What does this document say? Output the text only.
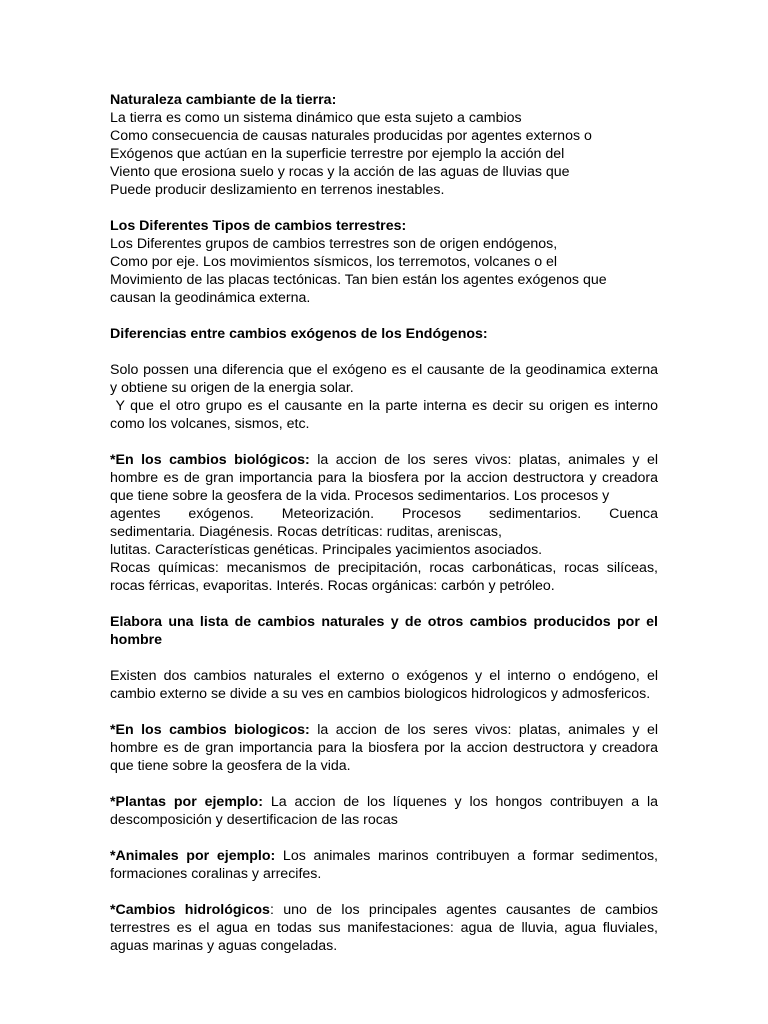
Naturaleza cambiante de la tierra:
La tierra es como un sistema dinámico que esta sujeto a cambios
Como consecuencia de causas naturales producidas por agentes externos o
Exógenos que actúan en la superficie terrestre por ejemplo la acción del
Viento que erosiona suelo y rocas y la acción de las aguas de lluvias que
Puede producir deslizamiento en terrenos inestables.
Los Diferentes Tipos de cambios terrestres:
Los Diferentes grupos de cambios terrestres son de origen endógenos,
Como por eje. Los movimientos sísmicos, los terremotos, volcanes o el
Movimiento de las placas tectónicas. Tan bien están los agentes exógenos que
causan la geodinámica externa.
Diferencias entre cambios exógenos de los Endógenos:

Solo possen una diferencia que el exógeno es el causante de la geodinamica externa y obtiene su origen de la energia solar.

Y que el otro grupo es el causante en la parte interna es decir su origen es interno como los volcanes, sismos, etc.

*En los cambios biológicos: la accion de los seres vivos: platas, animales y el hombre es de gran importancia para la biosfera por la accion destructora y creadora que tiene sobre la geosfera de la vida. Procesos sedimentarios. Los procesos y

agentes exógenos. Meteorización. Procesos sedimentarios. Cuenca
sedimentaria. Diagénesis. Rocas detríticas: ruditas, areniscas,
lutitas. Características genéticas. Principales yacimientos asociados.

Rocas químicas: mecanismos de precipitación, rocas carbonáticas, rocas silíceas, rocas férricas, evaporitas. Interés. Rocas orgánicas: carbón y petróleo.

Elabora una lista de cambios naturales y de otros cambios producidos por el hombre

Existen dos cambios naturales el externo o exógenos y el interno o endógeno, el cambio externo se divide a su ves en cambios biologicos hidrologicos y admosfericos.

*En los cambios biologicos: la accion de los seres vivos: platas, animales y el hombre es de gran importancia para la biosfera por la accion destructora y creadora que tiene sobre la geosfera de la vida.

*Plantas por ejemplo: La accion de los líquenes y los hongos contribuyen a la descomposición y desertificacion de las rocas

*Animales por ejemplo: Los animales marinos contribuyen a formar sedimentos, formaciones coralinas y arrecifes.

*Cambios hidrológicos: uno de los principales agentes causantes de cambios terrestres es el agua en todas sus manifestaciones: agua de lluvia, agua fluviales, aguas marinas y aguas congeladas.
